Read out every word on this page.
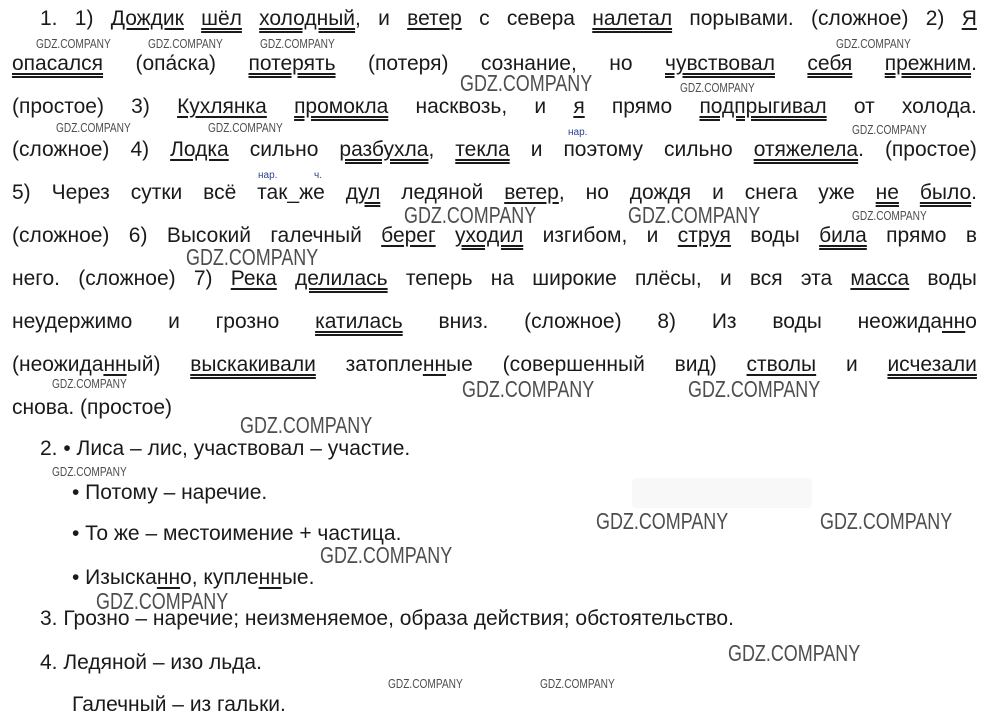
1. 1) Дождик шёл холодный, и ветер с севера налетал порывами. (сложное) 2) Я
опасался (опа́ска) потерять (потеря) сознание, но чувствовал себя прежним.
(простое) 3) Кухлянка промокла насквозь, и я прямо подпрыгивал от холода.
(сложное) 4) Лодка сильно разбухла, текла и поэтому сильно отяжелела. (простое)
5) Через сутки всё так_же дул ледяной ветер, но дождя и снега уже не было.
(сложное) 6) Высокий галечный берег уходил изгибом, и струя воды била прямо в
него. (сложное) 7) Река делилась теперь на широкие плёсы, и вся эта масса воды
неудержимо и грозно катилась вниз. (сложное) 8) Из воды неожиданно
(неожиданный) выскакивали затопленные (совершенный вид) стволы и исчезали
снова. (простое)
нар.
нар.	ч.
2. • Лиса – лис, участвовал – участие.
• Потому – наречие.
• То же – местоимение + частица.
• Изысканно, купленные.
3. Грозно – наречие; неизменяемое, образа действия; обстоятельство.
4. Ледяной – изо льда.
Галечный – из гальки.
GDZ.COMPANY	GDZ.COMPANY	GDZ.COMPANY	GDZ.COMPANY
GDZ.COMPANY	GDZ.COMPANY
GDZ.COMPANY	GDZ.COMPANY	GDZ.COMPANY
GDZ.COMPANY	GDZ.COMPANY	GDZ.COMPANY
GDZ.COMPANY
GDZ.COMPANY	GDZ.COMPANY	GDZ.COMPANY
GDZ.COMPANY
GDZ.COMPANY
GDZ.COMPANY	GDZ.COMPANY
GDZ.COMPANY
GDZ.COMPANY
GDZ.COMPANY
GDZ.COMPANY	GDZ.COMPANY
